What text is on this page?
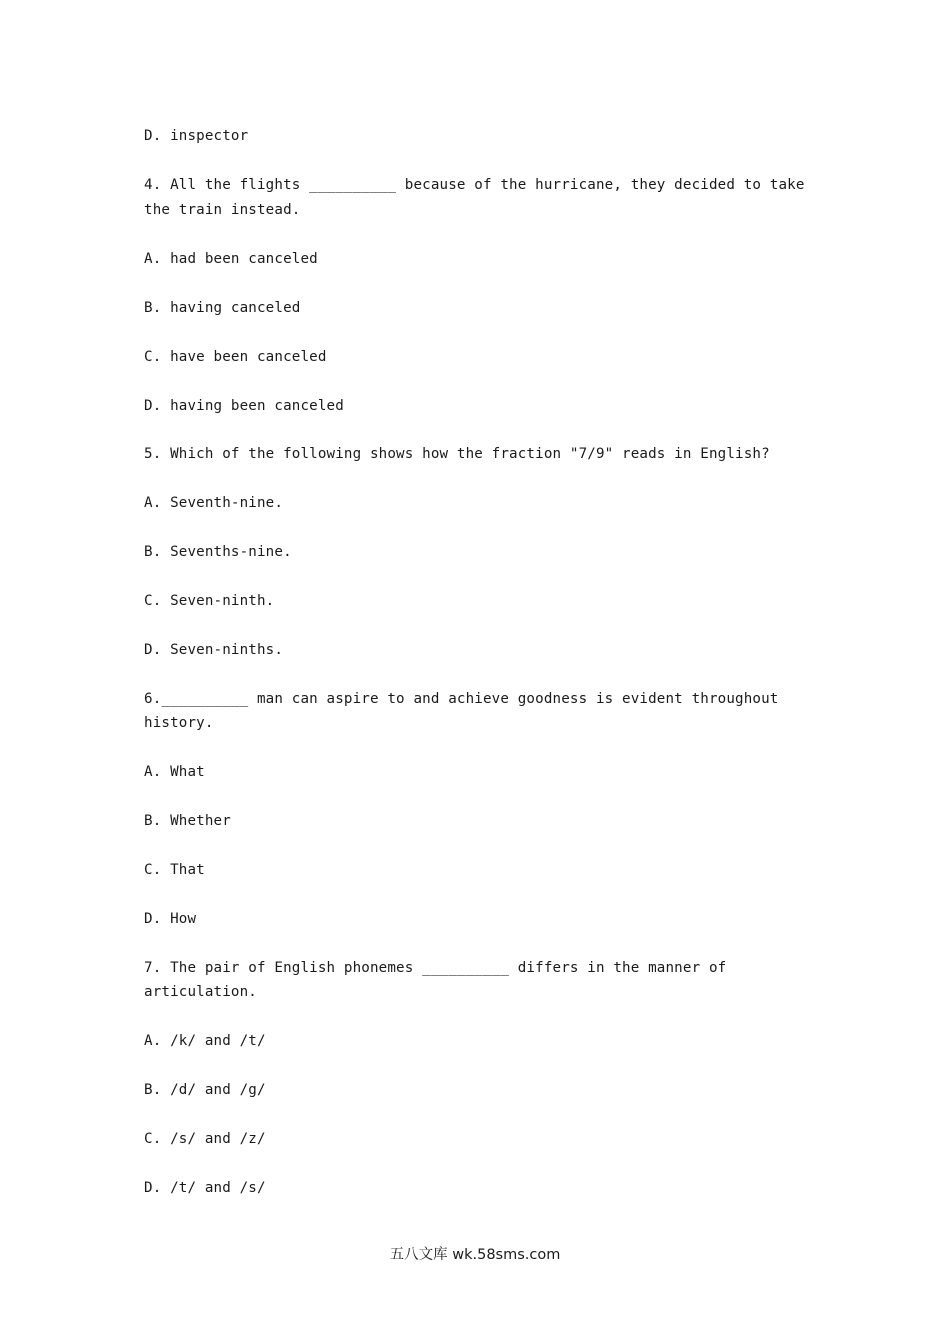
D. inspector
4. All the flights __________ because of the hurricane, they decided to take
the train instead.
A. had been canceled
B. having canceled
C. have been canceled
D. having been canceled
5. Which of the following shows how the fraction "7/9" reads in English?
A. Seventh-nine.
B. Sevenths-nine.
C. Seven-ninth.
D. Seven-ninths.
6.__________ man can aspire to and achieve goodness is evident throughout
history.
A. What
B. Whether
C. That
D. How
7. The pair of English phonemes __________ differs in the manner of
articulation.
A. /k/ and /t/
B. /d/ and /g/
C. /s/ and /z/
D. /t/ and /s/
五八文库 wk.58sms.com
